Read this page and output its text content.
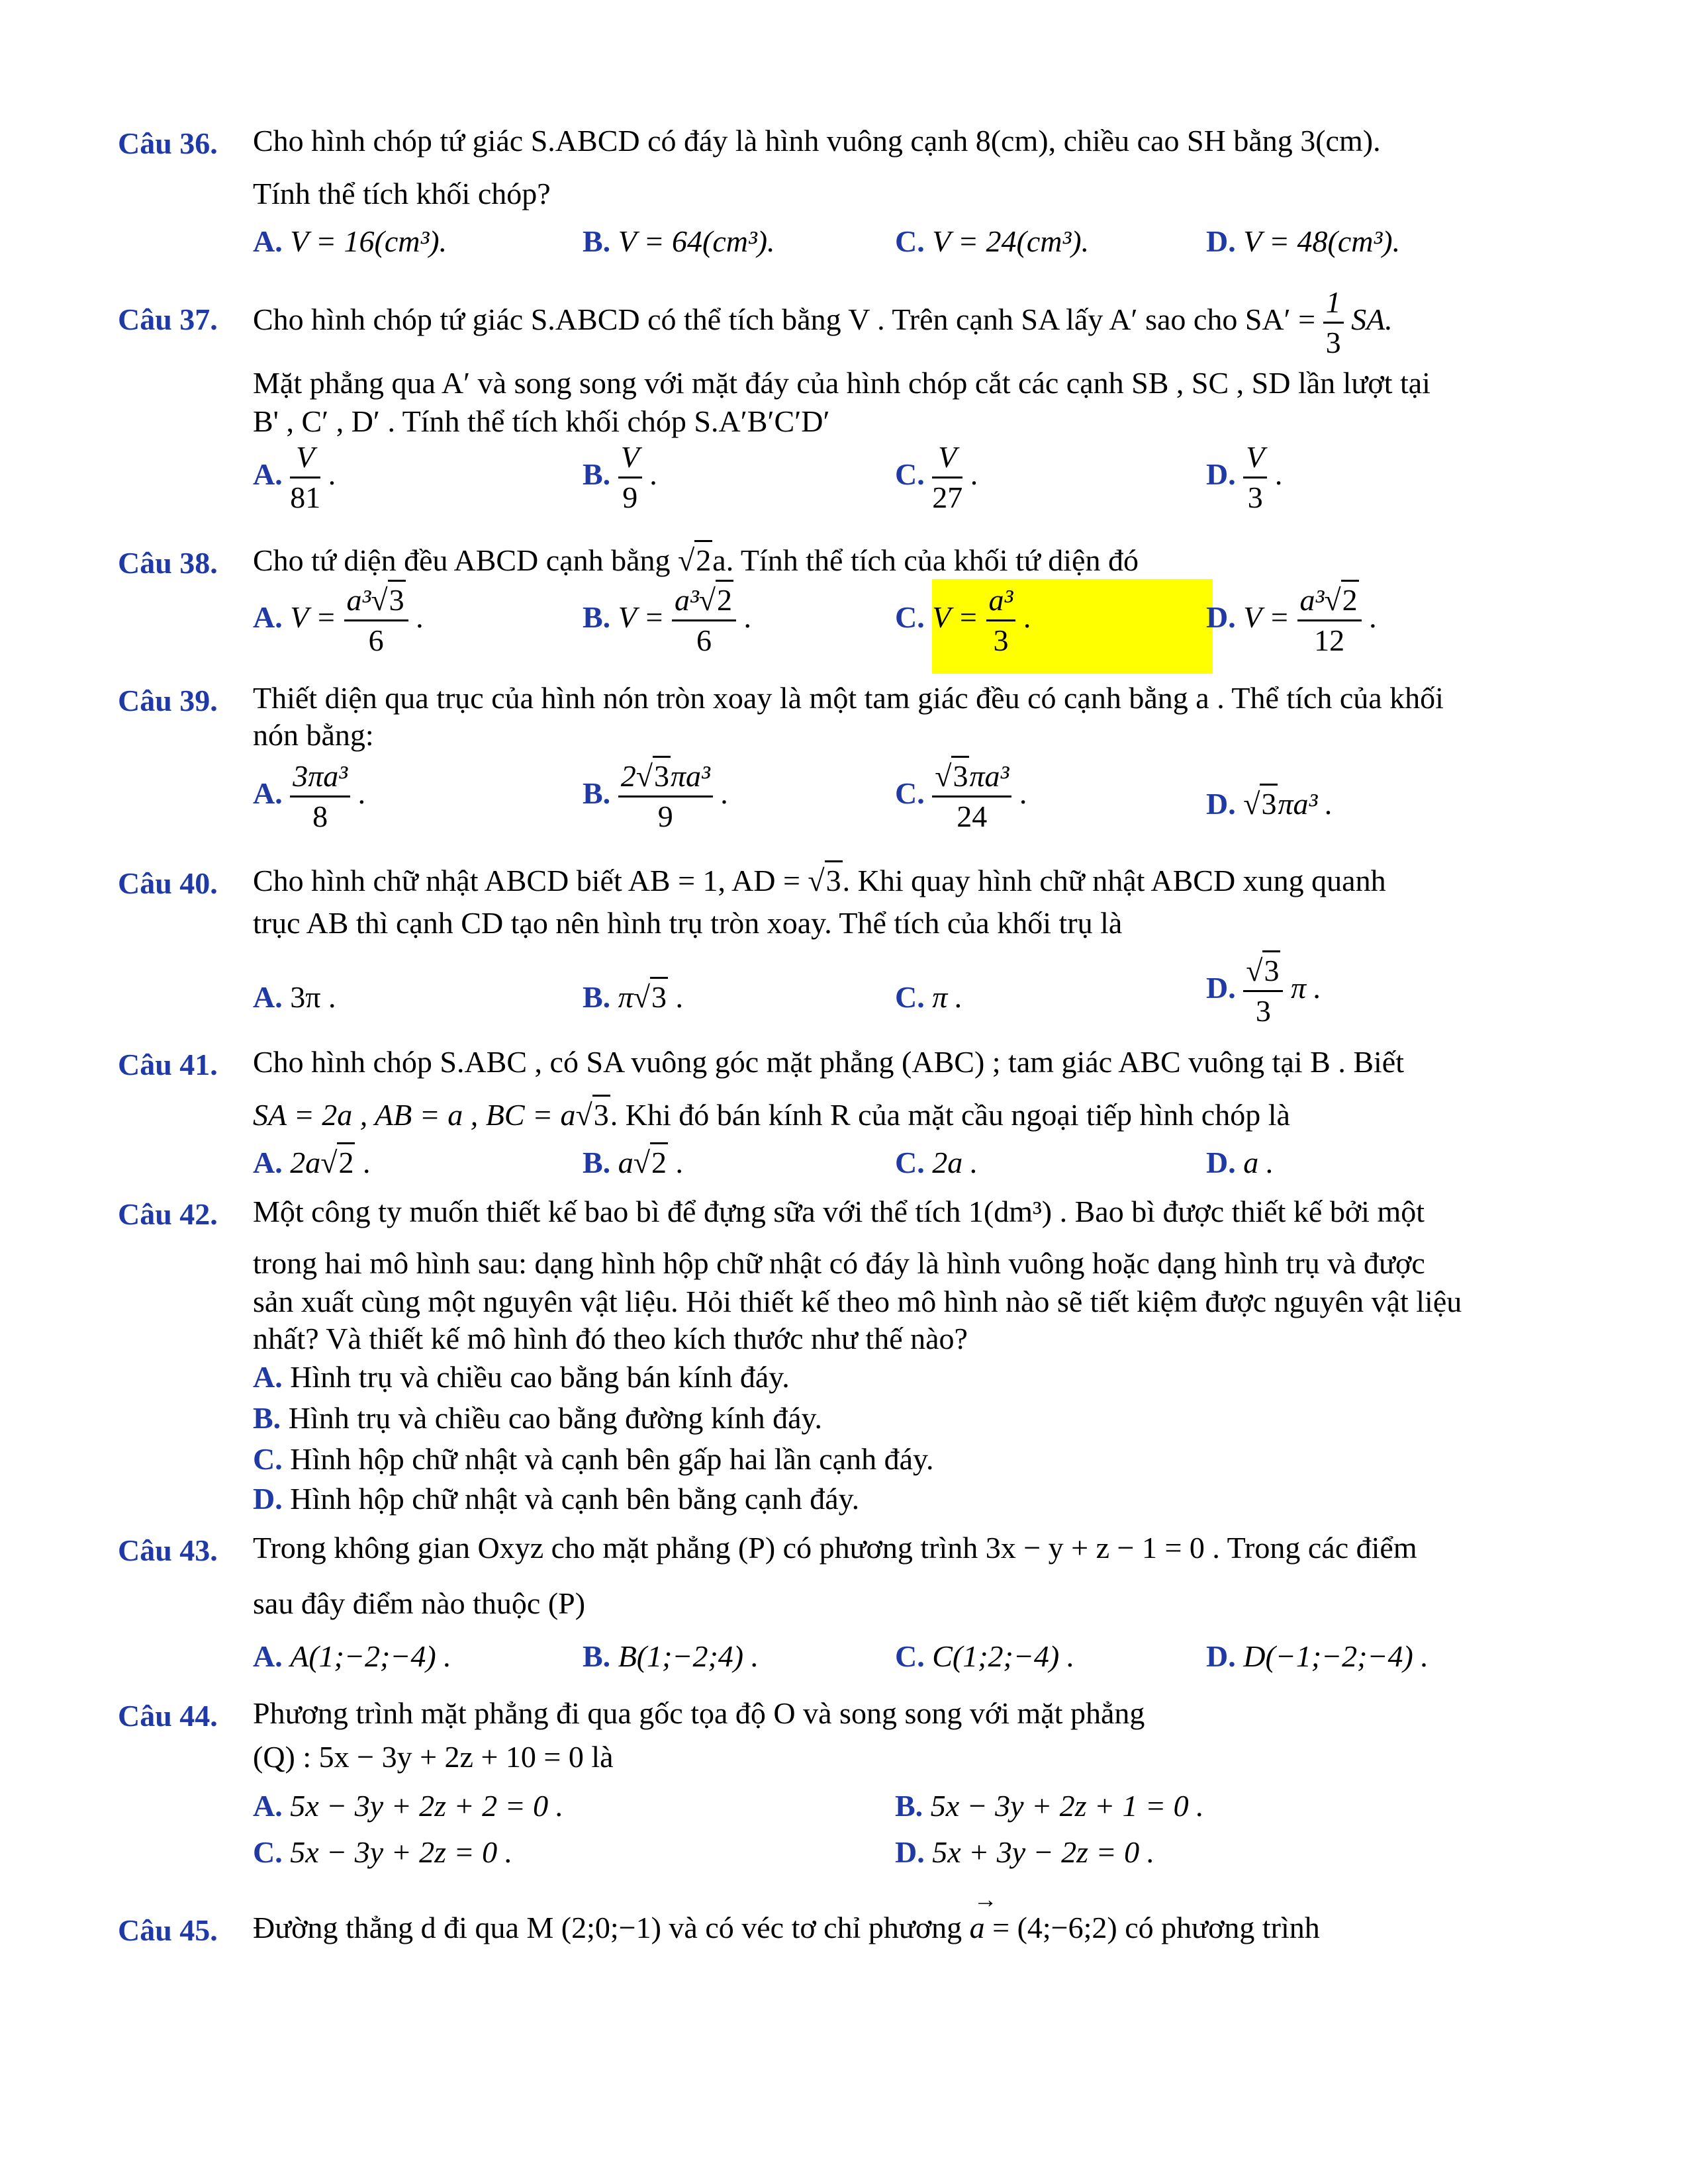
Câu 36. Cho hình chóp tứ giác S.ABCD có đáy là hình vuông cạnh 8(cm), chiều cao SH bằng 3(cm).
Tính thể tích khối chóp?
A. V = 16(cm³).	B. V = 64(cm³).	C. V = 24(cm³).	D. V = 48(cm³).
Câu 37. Cho hình chóp tứ giác S.ABCD có thể tích bằng V . Trên cạnh SA lấy A′ sao cho $SA' = \frac{1}{3}$ SA.
Mặt phẳng qua A′ và song song với mặt đáy của hình chóp cắt các cạnh SB , SC , SD lần lượt tại
B' , C′ , D′ . Tính thể tích khối chóp S.A′B′C′D′
A. $\frac{V}{81}$ .	B. $\frac{V}{9}$ .	C. $\frac{V}{27}$ .	D. $\frac{V}{3}$ .
Câu 38. Cho tứ diện đều ABCD cạnh bằng √2a. Tính thể tích của khối tứ diện đó
A. $V = \frac{\text{a³√3}}{6}$ .	B. $V = \frac{\text{a³√2}}{6}$ .	C. $V = \frac{\text{a³}}{3}$ .	D. $V = \frac{\text{a³√2}}{12}$ .
Câu 39. Thiết diện qua trục của hình nón tròn xoay là một tam giác đều có cạnh bằng a . Thể tích của khối
nón bằng:
A. $\frac{\text{3πa³}}{8}$ .	B. $\frac{\text{2√3πa³}}{9}$ .	C. $\frac{\text{√3πa³}}{24}$ .	D. √3πa³ .
Câu 40. Cho hình chữ nhật ABCD biết AB = 1, AD = √3. Khi quay hình chữ nhật ABCD xung quanh
trục AB thì cạnh CD tạo nên hình trụ tròn xoay. Thể tích của khối trụ là
A. 3π .	B. π√3 .	C. π .	D. $\frac{√3}{3}$ π .
Câu 41. Cho hình chóp S.ABC , có SA vuông góc mặt phẳng (ABC) ; tam giác ABC vuông tại B . Biết
SA = 2a , AB = a , BC = a√3. Khi đó bán kính R của mặt cầu ngoại tiếp hình chóp là
A. 2a√2 .	B. a√2 .	C. 2a .	D. a .
Câu 42. Một công ty muốn thiết kế bao bì để đựng sữa với thể tích 1(dm³) . Bao bì được thiết kế bởi một
trong hai mô hình sau: dạng hình hộp chữ nhật có đáy là hình vuông hoặc dạng hình trụ và được
sản xuất cùng một nguyên vật liệu. Hỏi thiết kế theo mô hình nào sẽ tiết kiệm được nguyên vật liệu
nhất? Và thiết kế mô hình đó theo kích thước như thế nào?
A. Hình trụ và chiều cao bằng bán kính đáy.
B. Hình trụ và chiều cao bằng đường kính đáy.
C. Hình hộp chữ nhật và cạnh bên gấp hai lần cạnh đáy.
D. Hình hộp chữ nhật và cạnh bên bằng cạnh đáy.
Câu 43. Trong không gian Oxyz cho mặt phẳng (P) có phương trình 3x − y + z − 1 = 0 . Trong các điểm
sau đây điểm nào thuộc (P)
A. A(1;−2;−4) .	B. B(1;−2;4) .	C. C(1;2;−4) .	D. D(−1;−2;−4) .
Câu 44. Phương trình mặt phẳng đi qua gốc tọa độ O và song song với mặt phẳng
(Q) : 5x − 3y + 2z + 10 = 0 là
A. 5x − 3y + 2z + 2 = 0 .	B. 5x − 3y + 2z + 1 = 0 .
C. 5x − 3y + 2z = 0 .	D. 5x + 3y − 2z = 0 .
Câu 45. Đường thẳng d đi qua M (2;0;−1) và có véc tơ chỉ phương
→
a = (4;−6;2) có phương trình
